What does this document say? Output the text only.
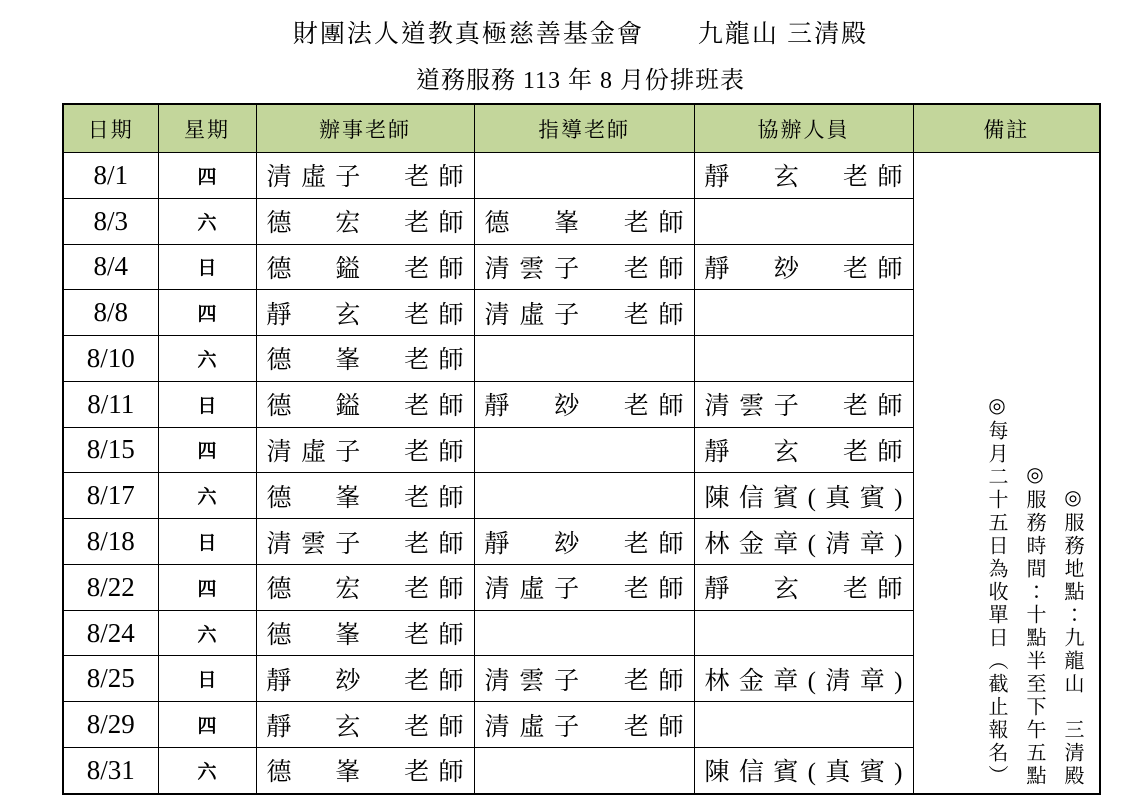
財團法人道教真極慈善基金會　　九龍山 三清殿
道務服務 113 年 8 月份排班表
日期	星期	辦事老師	指導老師	協辦人員	備註
8/1	四	清虛子　老師		靜　玄　老師	◎服務地點：九龍山　三清殿
◎服務時間：十點半至下午五點
◎每月二十五日為收單日（截止報名）

8/3	六	德　宏　老師	德　峯　老師		
8/4	日	德　鎰　老師	清雲子　老師	靜　玅　老師	
8/8	四	靜　玄　老師	清虛子　老師		
8/10	六	德　峯　老師			
8/11	日	德　鎰　老師	靜　玅　老師	清雲子　老師	
8/15	四	清虛子　老師		靜　玄　老師	
8/17	六	德　峯　老師		陳信賓(真賓)	
8/18	日	清雲子　老師	靜　玅　老師	林金章(清章)	
8/22	四	德　宏　老師	清虛子　老師	靜　玄　老師	
8/24	六	德　峯　老師			
8/25	日	靜　玅　老師	清雲子　老師	林金章(清章)	
8/29	四	靜　玄　老師	清虛子　老師		
8/31	六	德　峯　老師		陳信賓(真賓)	
